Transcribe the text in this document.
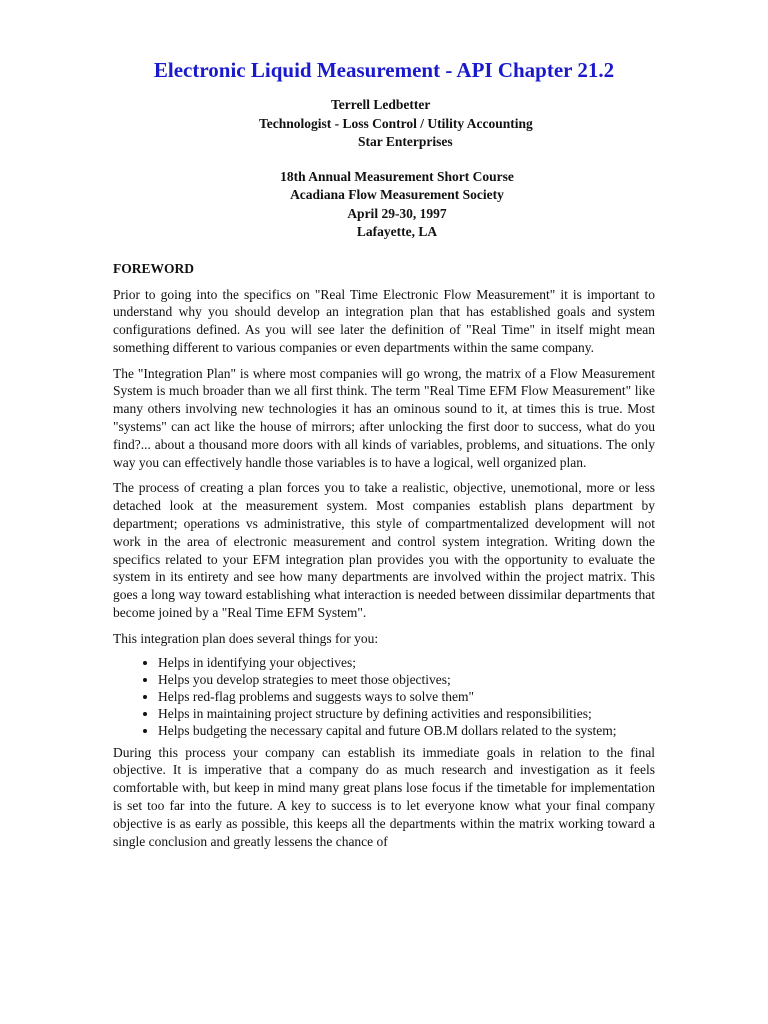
Electronic Liquid Measurement - API Chapter 21.2
Terrell Ledbetter
Technologist - Loss Control / Utility Accounting
Star Enterprises
18th Annual Measurement Short Course
Acadiana Flow Measurement Society
April 29-30, 1997
Lafayette, LA
FOREWORD

Prior to going into the specifics on "Real Time Electronic Flow Measurement" it is important to understand why you should develop an integration plan that has established goals and system configurations defined. As you will see later the definition of "Real Time" in itself might mean something different to various companies or even departments within the same company.

The "Integration Plan" is where most companies will go wrong, the matrix of a Flow Measurement System is much broader than we all first think. The term "Real Time EFM Flow Measurement" like many others involving new technologies it has an ominous sound to it, at times this is true. Most "systems" can act like the house of mirrors; after unlocking the first door to success, what do you find?... about a thousand more doors with all kinds of variables, problems, and situations. The only way you can effectively handle those variables is to have a logical, well organized plan.

The process of creating a plan forces you to take a realistic, objective, unemotional, more or less detached look at the measurement system. Most companies establish plans department by department; operations vs administrative, this style of compartmentalized development will not work in the area of electronic measurement and control system integration. Writing down the specifics related to your EFM integration plan provides you with the opportunity to evaluate the system in its entirety and see how many departments are involved within the project matrix. This goes a long way toward establishing what interaction is needed between dissimilar departments that become joined by a "Real Time EFM System".

This integration plan does several things for you:

• Helps in identifying your objectives;
• Helps you develop strategies to meet those objectives;
• Helps red-flag problems and suggests ways to solve them"
• Helps in maintaining project structure by defining activities and responsibilities;
• Helps budgeting the necessary capital and future OB.M dollars related to the system;

During this process your company can establish its immediate goals in relation to the final objective. It is imperative that a company do as much research and investigation as it feels comfortable with, but keep in mind many great plans lose focus if the timetable for implementation is set too far into the future. A key to success is to let everyone know what your final company objective is as early as possible, this keeps all the departments within the matrix working toward a single conclusion and greatly lessens the chance of
